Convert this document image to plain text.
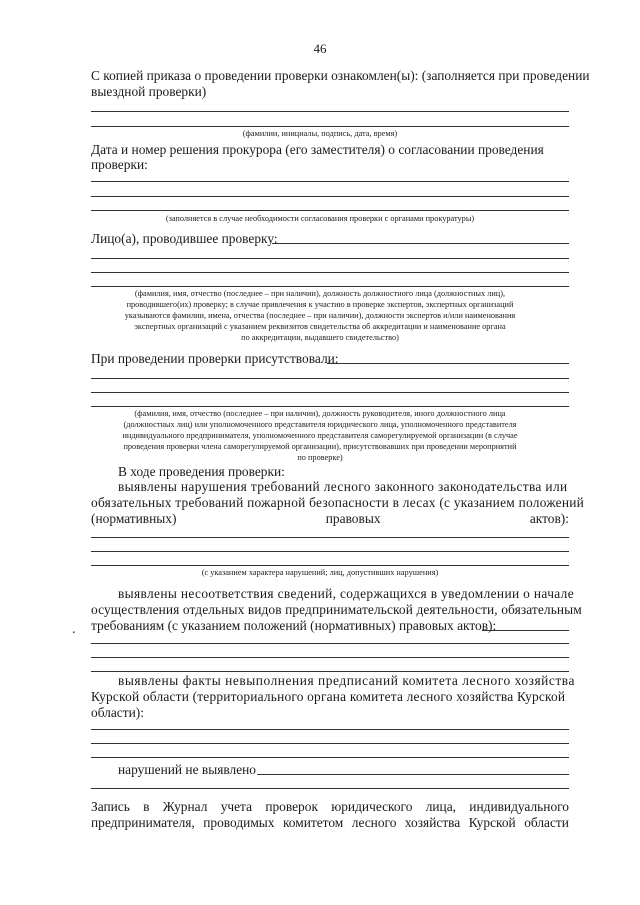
46
С копией приказа о проведении проверки ознакомлен(ы): (заполняется при проведении
выездной проверки)
(фамилии, инициалы, подпись, дата, время)
Дата и номер решения прокурора (его заместителя) о согласовании проведения
проверки:
(заполняется в случае необходимости согласования проверки с органами прокуратуры)
Лицо(а), проводившее проверку:
(фамилия, имя, отчество (последнее – при наличии), должность должностного лица (должностных лиц),
проводившего(их) проверку; в случае привлечения к участию в проверке экспертов, экспертных организаций
указываются фамилии, имена, отчества (последнее – при наличии), должности экспертов и/или наименования
экспертных организаций с указанием реквизитов свидетельства об аккредитации и наименование органа
по аккредитации, выдавшего свидетельство)
При проведении проверки присутствовали:
(фамилия, имя, отчество (последнее – при наличии), должность руководителя, иного должностного лица
(должностных лиц) или уполномоченного представителя юридического лица, уполномоченного представителя
индивидуального предпринимателя, уполномоченного представителя саморегулируемой организации (в случае
проведения проверки члена саморегулируемой организации), присутствовавших при проведении мероприятий
по проверке)
В ходе проведения проверки:
выявлены нарушения требований лесного законного законодательства или
обязательных требований пожарной безопасности в лесах (с указанием положений
(нормативных)	правовых	актов):
(с указанием характера нарушений; лиц, допустивших нарушения)
выявлены несоответствия сведений, содержащихся в уведомлении о начале
осуществления отдельных видов предпринимательской деятельности, обязательным
. требованиям (с указанием положений (нормативных) правовых актов):
выявлены факты невыполнения предписаний комитета лесного хозяйства
Курской области (территориального органа комитета лесного хозяйства Курской
области):
нарушений не выявлено
Запись в Журнал учета проверок юридического лица, индивидуального
предпринимателя, проводимых комитетом лесного хозяйства Курской области
